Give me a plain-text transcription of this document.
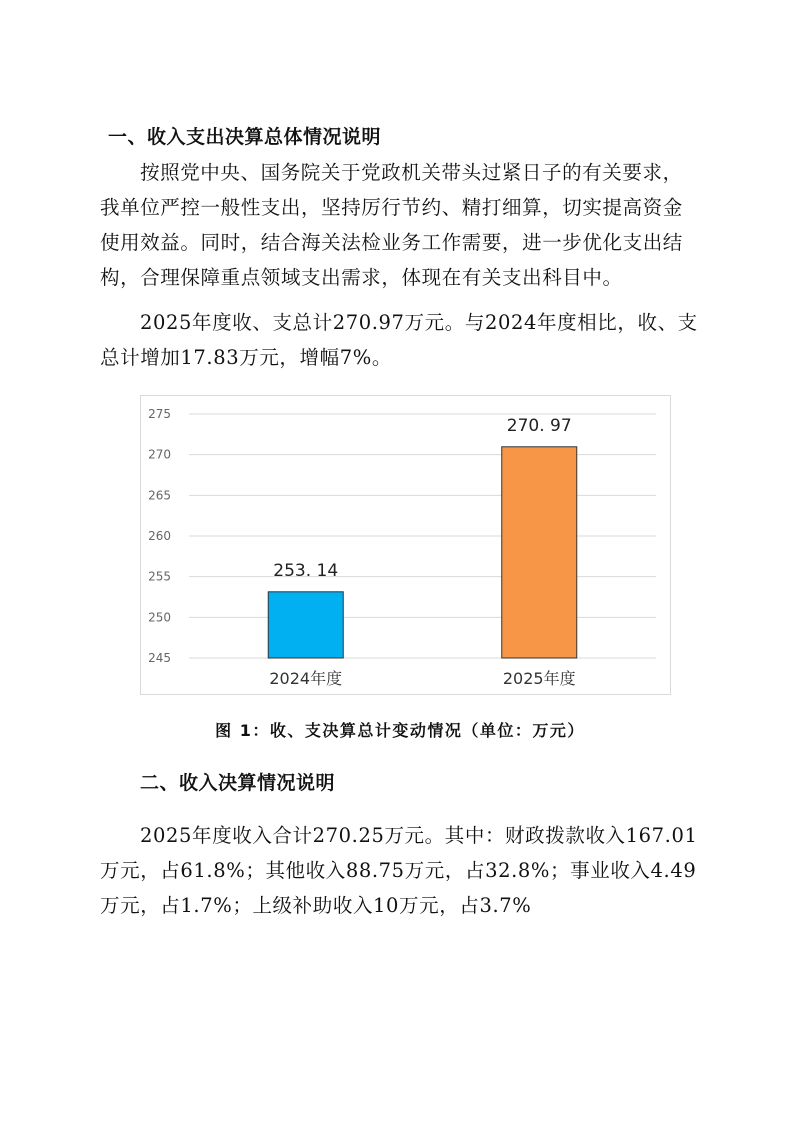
一、收入支出决算总体情况说明

按照党中央、国务院关于党政机关带头过紧日子的有关要求，我单位严控一般性支出，坚持厉行节约、精打细算，切实提高资金使用效益。同时，结合海关法检业务工作需要，进一步优化支出结构，合理保障重点领域支出需求，体现在有关支出科目中。

2025年度收、支总计270.97万元。与2024年度相比，收、支总计增加17.83万元，增幅7%。

245
250
255
260
265
270
275
253. 14
2024年度
270. 97
2025年度
图 1：收、支决算总计变动情况（单位：万元）
二、收入决算情况说明

2025年度收入合计270.25万元。其中：财政拨款收入167.01万元，占61.8%；其他收入88.75万元，占32.8%；事业收入4.49万元，占1.7%；上级补助收入10万元，占3.7%
